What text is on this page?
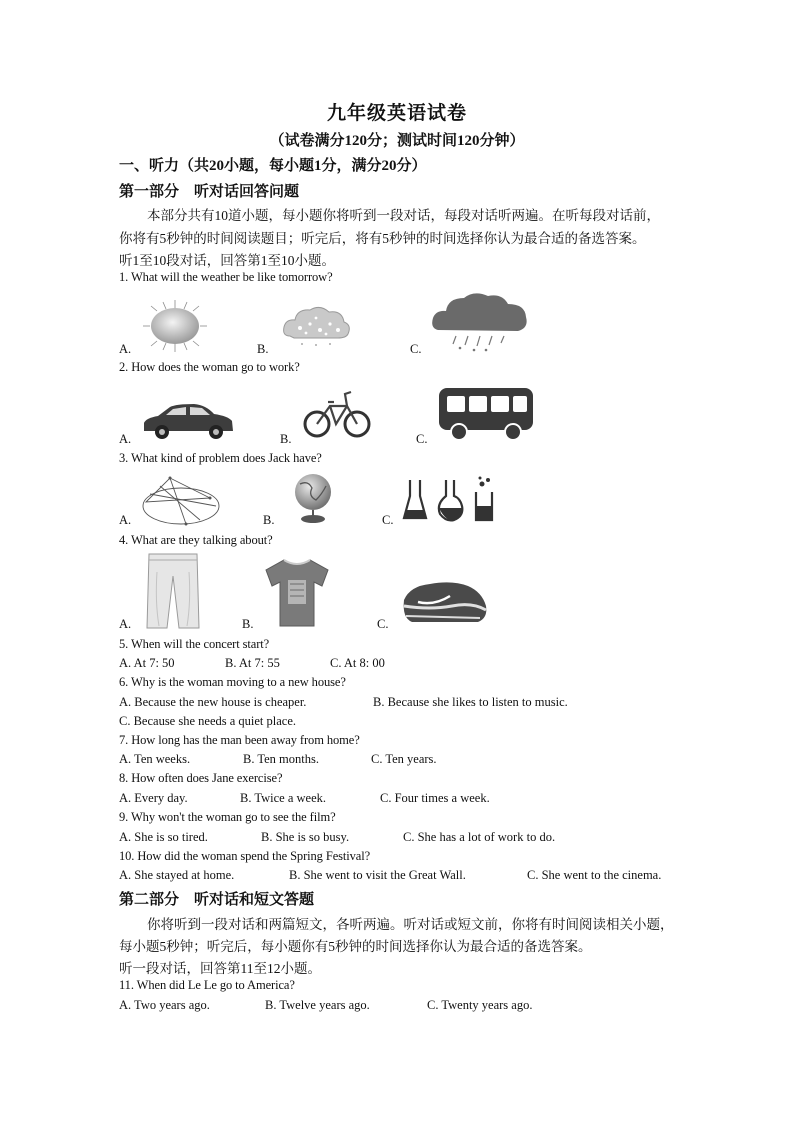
九年级英语试卷
（试卷满分120分；测试时间120分钟）
一、听力（共20小题，每小题1分，满分20分）
第一部分　听对话回答问题
本部分共有10道小题，每小题你将听到一段对话，每段对话听两遍。在听每段对话前，
你将有5秒钟的时间阅读题目；听完后，将有5秒钟的时间选择你认为最合适的备选答案。
听1至10段对话，回答第1至10小题。
1. What will the weather be like tomorrow?
A.	B.	C.
2. How does the woman go to work?
A.	B.	C.
3. What kind of problem does Jack have?
A.	B.	C.
4. What are they talking about?
A.	B.	C.
5. When will the concert start?
A. At 7: 50	B. At 7: 55	C. At 8: 00
6. Why is the woman moving to a new house?
A. Because the new house is cheaper.	B. Because she likes to listen to music.
C. Because she needs a quiet place.
7. How long has the man been away from home?
A. Ten weeks.	B. Ten months.	C. Ten years.
8. How often does Jane exercise?
A. Every day.	B. Twice a week.	C. Four times a week.
9. Why won't the woman go to see the film?
A. She is so tired.	B. She is so busy.	C. She has a lot of work to do.
10. How did the woman spend the Spring Festival?
A. She stayed at home.	B. She went to visit the Great Wall.	C. She went to the cinema.
第二部分　听对话和短文答题
你将听到一段对话和两篇短文，各听两遍。听对话或短文前，你将有时间阅读相关小题，
每小题5秒钟；听完后，每小题你有5秒钟的时间选择你认为最合适的备选答案。
听一段对话，回答第11至12小题。
11. When did Le Le go to America?
A. Two years ago.	B. Twelve years ago.	C. Twenty years ago.
